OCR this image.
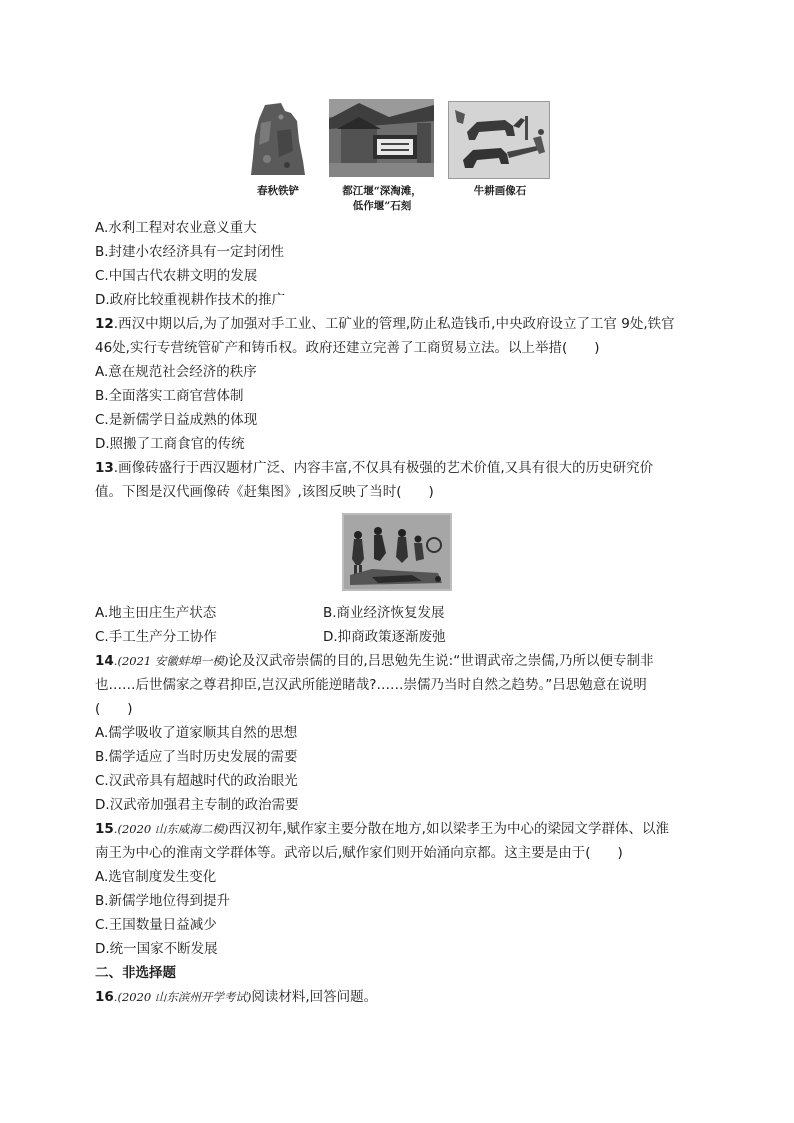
春秋铁铲	都江堰“深淘滩，
低作堰”石刻
牛耕画像石
A.水利工程对农业意义重大
B.封建小农经济具有一定封闭性
C.中国古代农耕文明的发展
D.政府比较重视耕作技术的推广
12.西汉中期以后,为了加强对手工业、工矿业的管理,防止私造钱币,中央政府设立了工官 9处,铁官
46处,实行专营统管矿产和铸币权。政府还建立完善了工商贸易立法。以上举措(　　)
A.意在规范社会经济的秩序
B.全面落实工商官营体制
C.是新儒学日益成熟的体现
D.照搬了工商食官的传统
13.画像砖盛行于西汉题材广泛、内容丰富,不仅具有极强的艺术价值,又具有很大的历史研究价
值。下图是汉代画像砖《赶集图》,该图反映了当时(　　)
A.地主田庄生产状态	B.商业经济恢复发展
C.手工生产分工协作	D.抑商政策逐渐废弛
14.(2021 安徽蚌埠一模)论及汉武帝崇儒的目的,吕思勉先生说:“世谓武帝之崇儒,乃所以便专制非
也……后世儒家之尊君抑臣,岂汉武所能逆睹哉?……崇儒乃当时自然之趋势。”吕思勉意在说明
(　　)
A.儒学吸收了道家顺其自然的思想
B.儒学适应了当时历史发展的需要
C.汉武帝具有超越时代的政治眼光
D.汉武帝加强君主专制的政治需要
15.(2020 山东威海二模)西汉初年,赋作家主要分散在地方,如以梁孝王为中心的梁园文学群体、以淮
南王为中心的淮南文学群体等。武帝以后,赋作家们则开始涌向京都。这主要是由于(　　)
A.选官制度发生变化
B.新儒学地位得到提升
C.王国数量日益减少
D.统一国家不断发展
二、非选择题
16.(2020 山东滨州开学考试)阅读材料,回答问题。
